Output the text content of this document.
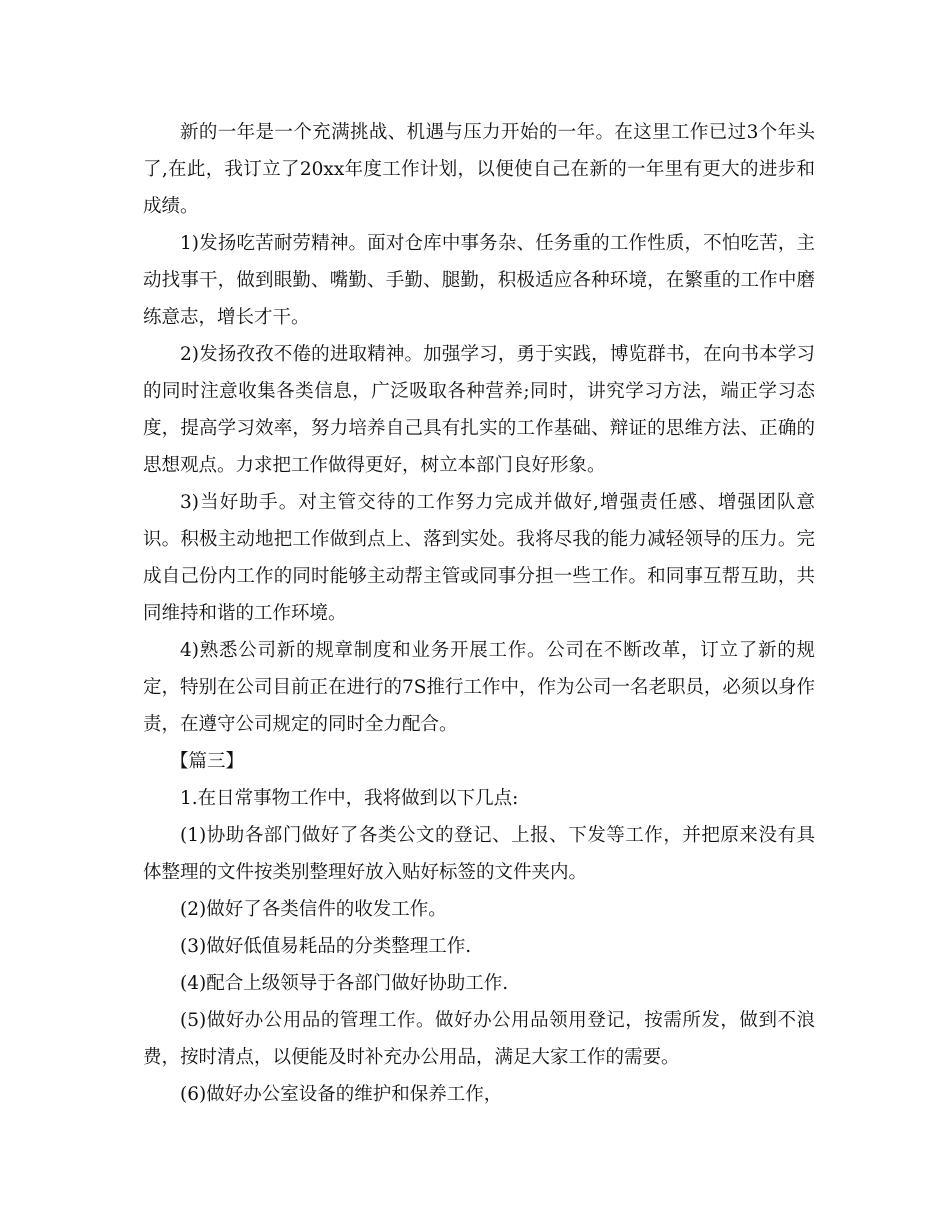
新的一年是一个充满挑战、机遇与压力开始的一年。在这里工作已过3个年头了,在此，我订立了20xx年度工作计划，以便使自己在新的一年里有更大的进步和成绩。

1)发扬吃苦耐劳精神。面对仓库中事务杂、任务重的工作性质，不怕吃苦，主动找事干，做到眼勤、嘴勤、手勤、腿勤，积极适应各种环境，在繁重的工作中磨练意志，增长才干。

2)发扬孜孜不倦的进取精神。加强学习，勇于实践，博览群书，在向书本学习的同时注意收集各类信息，广泛吸取各种营养;同时，讲究学习方法，端正学习态度，提高学习效率，努力培养自己具有扎实的工作基础、辩证的思维方法、正确的思想观点。力求把工作做得更好，树立本部门良好形象。

3)当好助手。对主管交待的工作努力完成并做好,增强责任感、增强团队意识。积极主动地把工作做到点上、落到实处。我将尽我的能力减轻领导的压力。完成自己份内工作的同时能够主动帮主管或同事分担一些工作。和同事互帮互助，共同维持和谐的工作环境。

4)熟悉公司新的规章制度和业务开展工作。公司在不断改革，订立了新的规定，特别在公司目前正在进行的7S推行工作中，作为公司一名老职员，必须以身作责，在遵守公司规定的同时全力配合。

【篇三】

1.在日常事物工作中，我将做到以下几点:

(1)协助各部门做好了各类公文的登记、上报、下发等工作，并把原来没有具体整理的文件按类别整理好放入贴好标签的文件夹内。

(2)做好了各类信件的收发工作。

(3)做好低值易耗品的分类整理工作.

(4)配合上级领导于各部门做好协助工作.

(5)做好办公用品的管理工作。做好办公用品领用登记，按需所发，做到不浪费，按时清点，以便能及时补充办公用品，满足大家工作的需要。

(6)做好办公室设备的维护和保养工作，
